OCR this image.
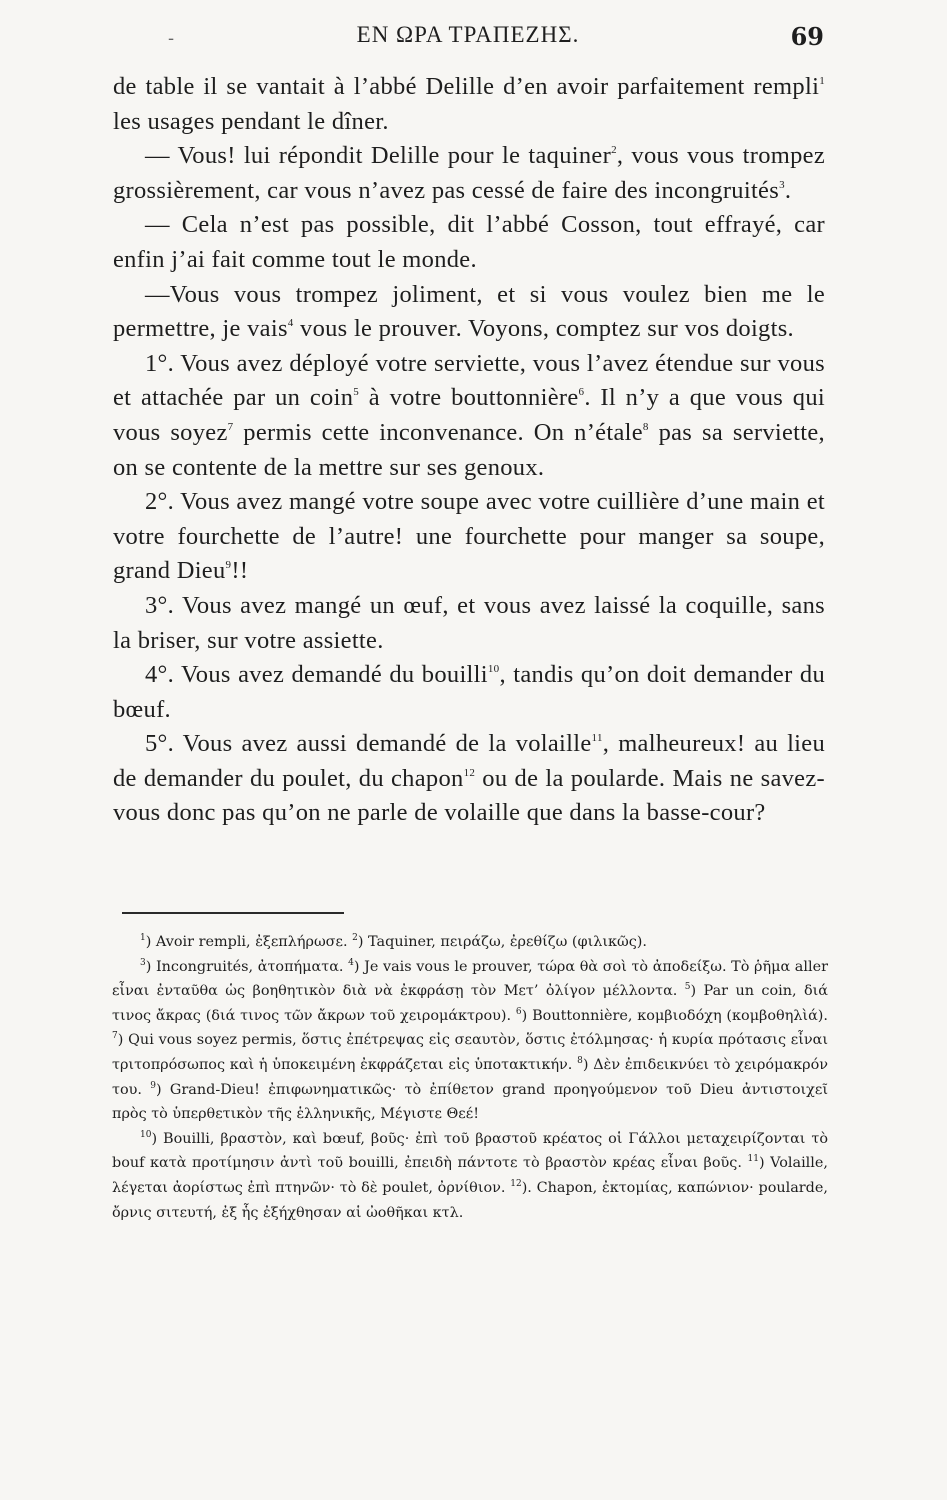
-	ΕΝ ΩΡΑ ΤΡΑΠΕΖΗΣ.	69

de table il se vantait à l’abbé Delille d’en avoir parfaitement rempli$^1$ les usages pendant le dîner.

— Vous! lui répondit Delille pour le taquiner$^2$, vous vous trompez grossièrement, car vous n’avez pas cessé de faire des incongruités$^3$.

— Cela n’est pas possible, dit l’abbé Cosson, tout effrayé, car enfin j’ai fait comme tout le monde.

—Vous vous trompez joliment, et si vous voulez bien me le permettre, je vais$^4$ vous le prouver. Voyons, comptez sur vos doigts.

1°. Vous avez déployé votre serviette, vous l’avez étendue sur vous et attachée par un coin$^5$ à votre bouttonnière$^6$. Il n’y a que vous qui vous soyez$^7$ permis cette inconvenance. On n’étale$^8$ pas sa serviette, on se contente de la mettre sur ses genoux.

2°. Vous avez mangé votre soupe avec votre cuillière d’une main et votre fourchette de l’autre! une fourchette pour manger sa soupe, grand Dieu$^9$!!

3°. Vous avez mangé un œuf, et vous avez laissé la coquille, sans la briser, sur votre assiette.

4°. Vous avez demandé du bouilli$^{10}$, tandis qu’on doit demander du bœuf.

5°. Vous avez aussi demandé de la volaille$^{11}$, malheureux! au lieu de demander du poulet, du chapon$^{12}$ ou de la poularde. Mais ne savez-vous donc pas qu’on ne parle de volaille que dans la basse-cour?

$^1$) Avoir rempli, ἐξεπλήρωσε. $^2$) Taquiner, πειράζω, ἐρεθίζω (φιλικῶς).

$^3$) Incongruités, ἀτοπήματα. $^4$) Je vais vous le prouver, τώρα θὰ σοὶ τὸ ἀποδείξω. Τὸ ῥῆμα aller εἶναι ἐνταῦθα ὡς βοηθητικὸν διὰ νὰ ἐκφράσῃ τὸν Μετ’ ὀλίγον μέλλοντα. $^5$) Par un coin, διά τινος ἄκρας (διά τινος τῶν ἄκρων τοῦ χειρομάκτρου). $^6$) Bouttonnière, κομβιοδόχη (κομβοθηλὶά). $^7$) Qui vous soyez permis, ὅστις ἐπέτρεψας εἰς σεαυτὸν, ὅστις ἐτόλμησας· ἡ κυρία πρότασις εἶναι τριτοπρόσωπος καὶ ἡ ὑποκειμένη ἐκφράζεται εἰς ὑποτακτικήν. $^8$) Δὲν ἐπιδεικνύει τὸ χειρόμακρόν του. $^9$) Grand-Dieu! ἐπιφωνηματικῶς· τὸ ἐπίθετον grand προηγούμενον τοῦ Dieu ἀντιστοιχεῖ πρὸς τὸ ὑπερθετικὸν τῆς ἑλληνικῆς, Μέγιστε Θεέ!

$^{10}$) Bouilli, βραστὸν, καὶ bœuf, βοῦς· ἐπὶ τοῦ βραστοῦ κρέατος οἱ Γάλλοι μεταχειρίζονται τὸ bouf κατὰ προτίμησιν ἀντὶ τοῦ bouilli, ἐπειδὴ πάντοτε τὸ βραστὸν κρέας εἶναι βοῦς. $^{11}$) Volaille, λέγεται ἀορίστως ἐπὶ πτηνῶν· τὸ δὲ poulet, ὀρνίθιον. $^{12}$). Chapon, ἐκτομίας, καπώνιον· poularde, ὄρνις σιτευτή, ἐξ ἧς ἐξήχθησαν αἱ ὠοθῆκαι κτλ.
